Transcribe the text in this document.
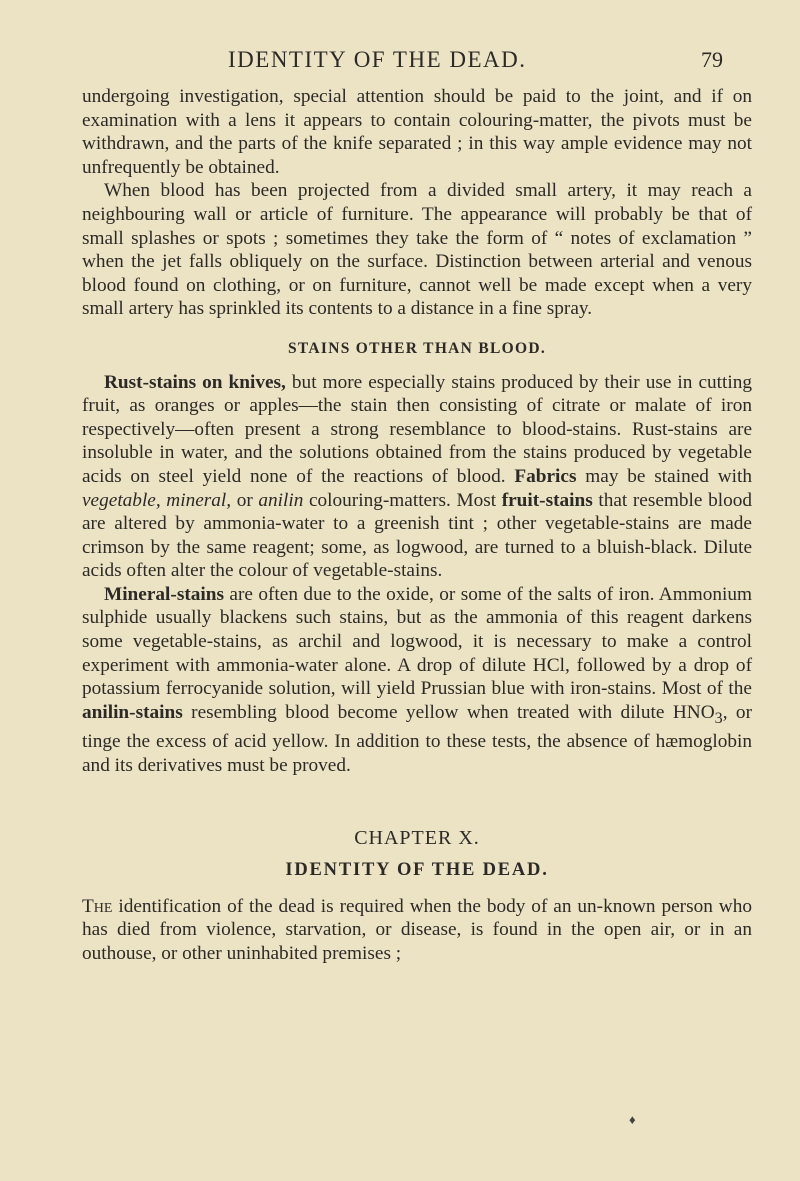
IDENTITY OF THE DEAD.	79

undergoing investigation, special attention should be paid to the joint, and if on examination with a lens it appears to contain colouring-matter, the pivots must be withdrawn, and the parts of the knife separated ; in this way ample evidence may not unfrequently be obtained.

When blood has been projected from a divided small artery, it may reach a neighbouring wall or article of furniture. The appearance will probably be that of small splashes or spots ; sometimes they take the form of “ notes of exclamation ” when the jet falls obliquely on the surface. Distinction between arterial and venous blood found on clothing, or on furniture, cannot well be made except when a very small artery has sprinkled its contents to a distance in a fine spray.

STAINS OTHER THAN BLOOD.

Rust-stains on knives, but more especially stains produced by their use in cutting fruit, as oranges or apples—the stain then consisting of citrate or malate of iron respectively—often present a strong resemblance to blood-stains. Rust-stains are insoluble in water, and the solutions obtained from the stains produced by vegetable acids on steel yield none of the reactions of blood. Fabrics may be stained with vegetable, mineral, or anilin colouring-matters. Most fruit-stains that resemble blood are altered by ammonia-water to a greenish tint ; other vegetable-stains are made crimson by the same reagent; some, as logwood, are turned to a bluish-black. Dilute acids often alter the colour of vegetable-stains.

Mineral-stains are often due to the oxide, or some of the salts of iron. Ammonium sulphide usually blackens such stains, but as the ammonia of this reagent darkens some vegetable-stains, as archil and logwood, it is necessary to make a control experiment with ammonia-water alone. A drop of dilute HCl, followed by a drop of potassium ferrocyanide solution, will yield Prussian blue with iron-stains. Most of the anilin-stains resembling blood become yellow when treated with dilute $HNO_3$, or tinge the excess of acid yellow. In addition to these tests, the absence of hæmoglobin and its derivatives must be proved.

CHAPTER X.
IDENTITY OF THE DEAD.

The identification of the dead is required when the body of an un-known person who has died from violence, starvation, or disease, is found in the open air, or in an outhouse, or other uninhabited premises ;

♦
